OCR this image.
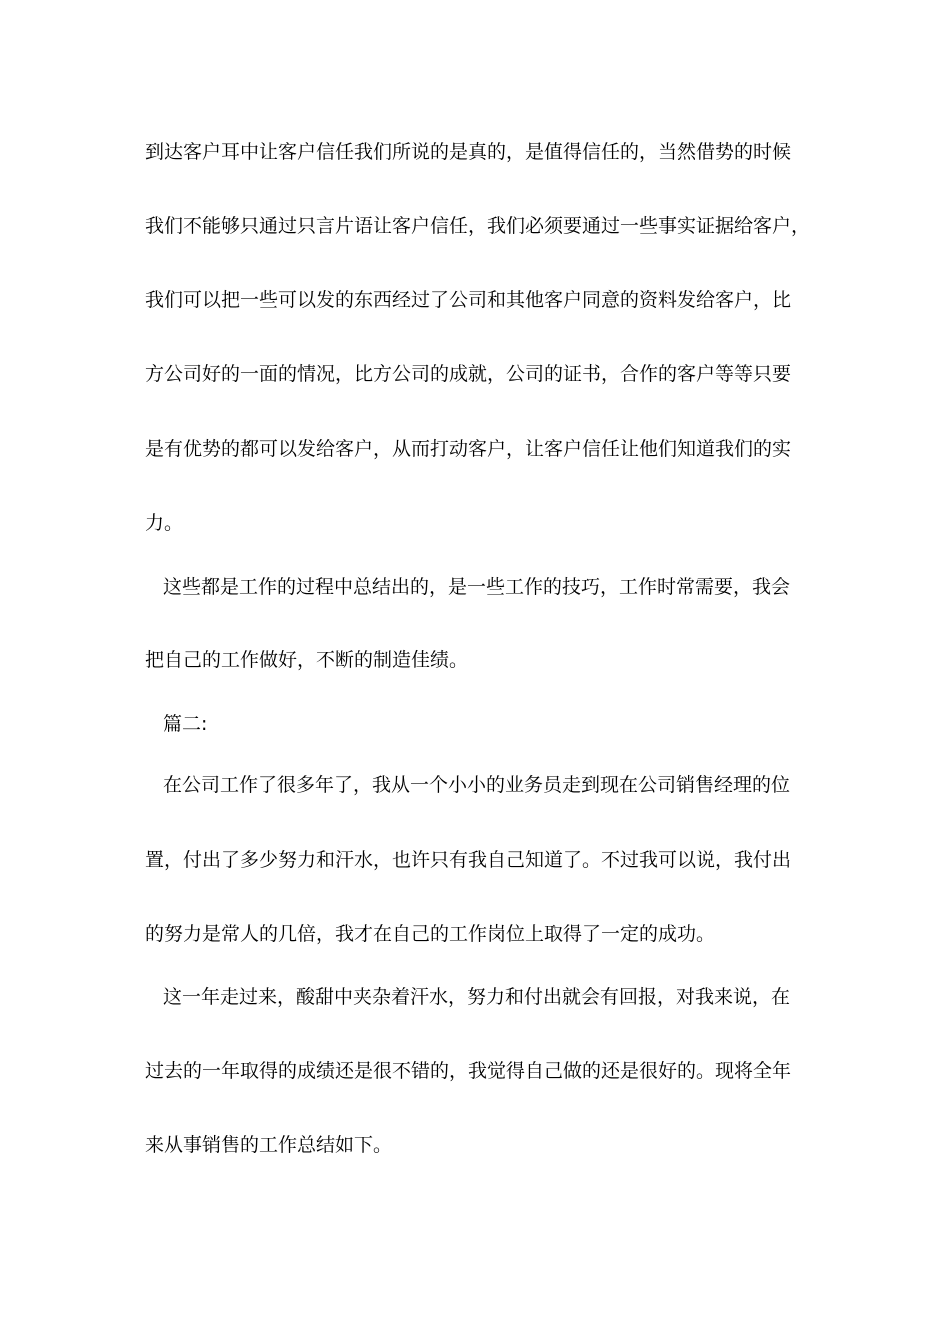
到达客户耳中让客户信任我们所说的是真的，是值得信任的，当然借势的时候
我们不能够只通过只言片语让客户信任，我们必须要通过一些事实证据给客户，
我们可以把一些可以发的东西经过了公司和其他客户同意的资料发给客户，比
方公司好的一面的情况，比方公司的成就，公司的证书，合作的客户等等只要
是有优势的都可以发给客户，从而打动客户，让客户信任让他们知道我们的实
力。
这些都是工作的过程中总结出的，是一些工作的技巧，工作时常需要，我会
把自己的工作做好，不断的制造佳绩。
篇二:
在公司工作了很多年了，我从一个小小的业务员走到现在公司销售经理的位
置，付出了多少努力和汗水，也许只有我自己知道了。不过我可以说，我付出
的努力是常人的几倍，我才在自己的工作岗位上取得了一定的成功。
这一年走过来，酸甜中夹杂着汗水，努力和付出就会有回报，对我来说，在
过去的一年取得的成绩还是很不错的，我觉得自己做的还是很好的。现将全年
来从事销售的工作总结如下。
